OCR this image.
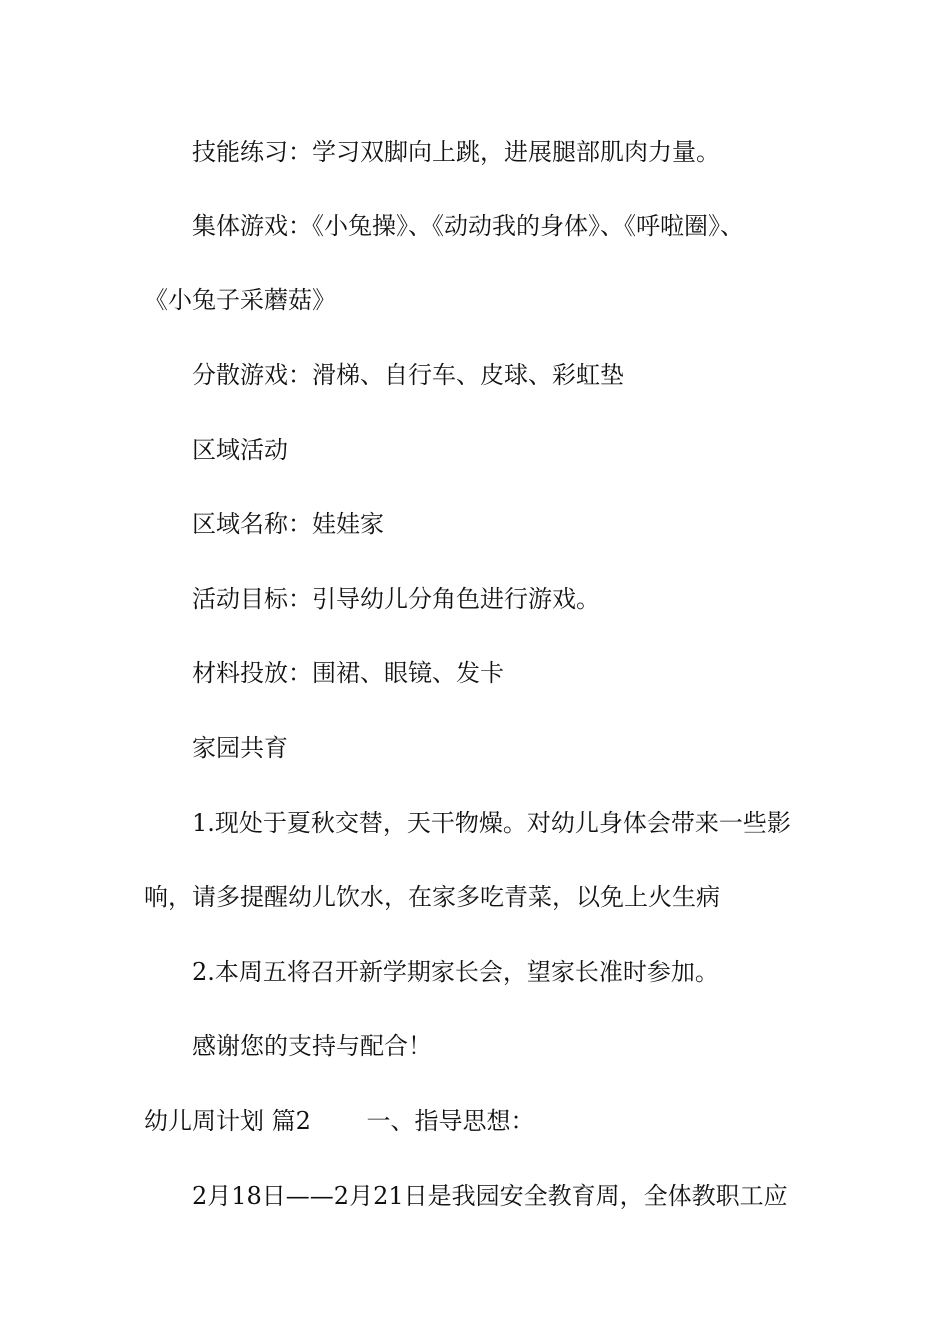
技能练习：学习双脚向上跳，进展腿部肌肉力量。
集体游戏：《小兔操》、《动动我的身体》、《呼啦圈》、
《小兔子采蘑菇》
分散游戏：滑梯、自行车、皮球、彩虹垫
区域活动
区域名称：娃娃家
活动目标：引导幼儿分角色进行游戏。
材料投放：围裙、眼镜、发卡
家园共育
1.现处于夏秋交替，天干物燥。对幼儿身体会带来一些影
响，请多提醒幼儿饮水，在家多吃青菜，以免上火生病
2.本周五将召开新学期家长会，望家长准时参加。
感谢您的支持与配合！
幼儿周计划 篇2 　　一、指导思想：
2月18日——2月21日是我园安全教育周，全体教职工应
